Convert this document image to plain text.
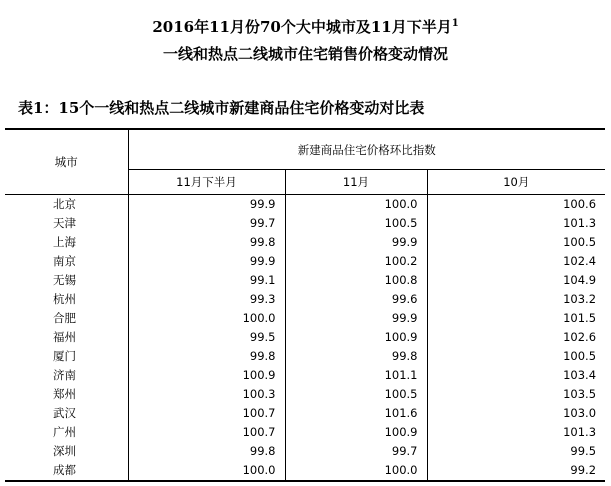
2016年11月份70个大中城市及11月下半月$^1$
一线和热点二线城市住宅销售价格变动情况
表1：15个一线和热点二线城市新建商品住宅价格变动对比表
城市	新建商品住宅价格环比指数		
	11月下半月	11月	10月
北京	99.9	100.0	100.6
天津	99.7	100.5	101.3
上海	99.8	99.9	100.5
南京	99.9	100.2	102.4
无锡	99.1	100.8	104.9
杭州	99.3	99.6	103.2
合肥	100.0	99.9	101.5
福州	99.5	100.9	102.6
厦门	99.8	99.8	100.5
济南	100.9	101.1	103.4
郑州	100.3	100.5	103.5
武汉	100.7	101.6	103.0
广州	100.7	100.9	101.3
深圳	99.8	99.7	99.5
成都	100.0	100.0	99.2
